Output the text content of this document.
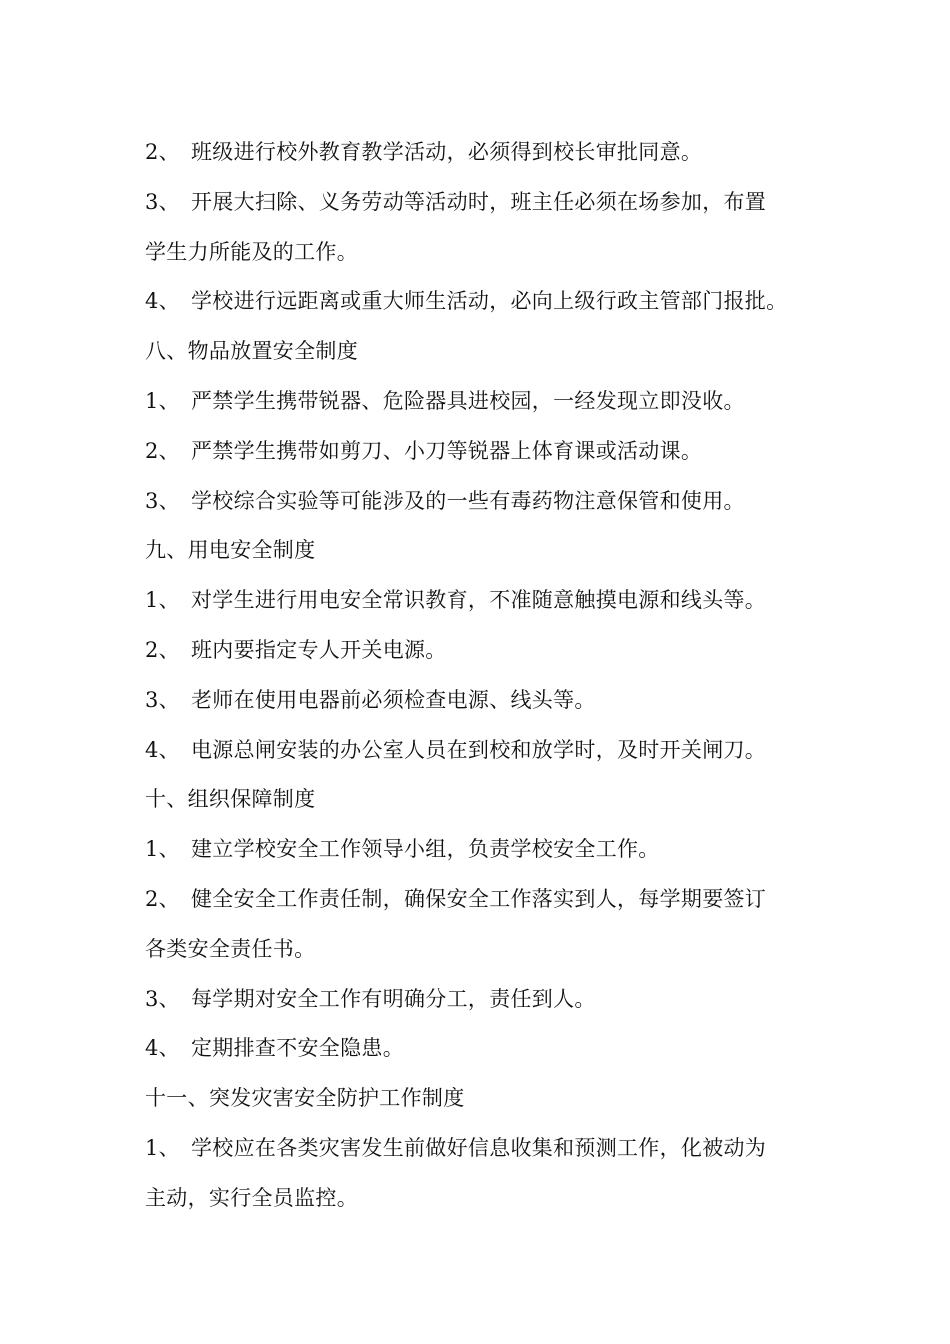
2、 班级进行校外教育教学活动，必须得到校长审批同意。
3、 开展大扫除、义务劳动等活动时，班主任必须在场参加，布置
学生力所能及的工作。
4、 学校进行远距离或重大师生活动，必向上级行政主管部门报批。
八、物品放置安全制度
1、 严禁学生携带锐器、危险器具进校园，一经发现立即没收。
2、 严禁学生携带如剪刀、小刀等锐器上体育课或活动课。
3、 学校综合实验等可能涉及的一些有毒药物注意保管和使用。
九、用电安全制度
1、 对学生进行用电安全常识教育，不准随意触摸电源和线头等。
2、 班内要指定专人开关电源。
3、 老师在使用电器前必须检查电源、线头等。
4、 电源总闸安装的办公室人员在到校和放学时，及时开关闸刀。
十、组织保障制度
1、 建立学校安全工作领导小组，负责学校安全工作。
2、 健全安全工作责任制，确保安全工作落实到人，每学期要签订
各类安全责任书。
3、 每学期对安全工作有明确分工，责任到人。
4、 定期排查不安全隐患。
十一、突发灾害安全防护工作制度
1、 学校应在各类灾害发生前做好信息收集和预测工作，化被动为
主动，实行全员监控。
